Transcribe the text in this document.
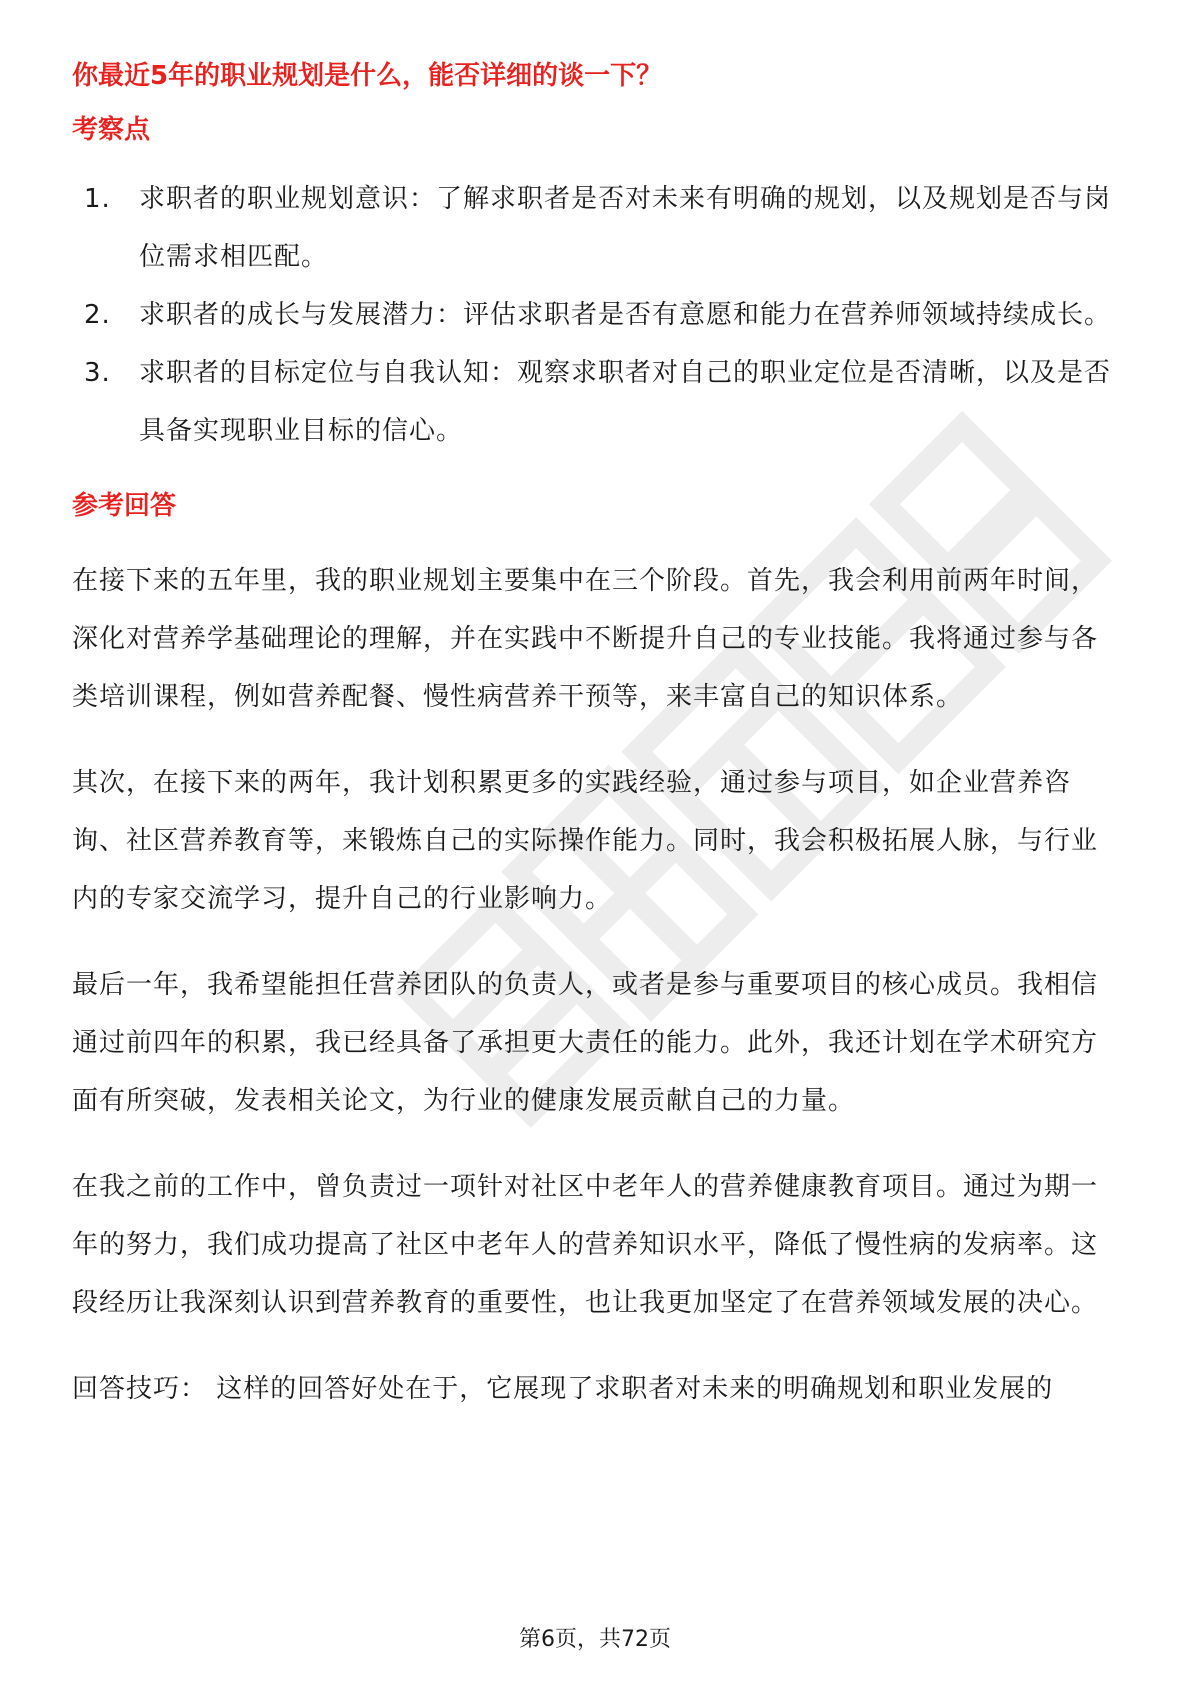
你最近5年的职业规划是什么，能否详细的谈一下？
考察点
1.	求职者的职业规划意识：了解求职者是否对未来有明确的规划，以及规划是否与岗位需求相匹配。
2.	求职者的成长与发展潜力：评估求职者是否有意愿和能力在营养师领域持续成长。
3.	求职者的目标定位与自我认知：观察求职者对自己的职业定位是否清晰，以及是否具备实现职业目标的信心。
参考回答

在接下来的五年里，我的职业规划主要集中在三个阶段。首先，我会利用前两年时间，深化对营养学基础理论的理解，并在实践中不断提升自己的专业技能。我将通过参与各类培训课程，例如营养配餐、慢性病营养干预等，来丰富自己的知识体系。

其次，在接下来的两年，我计划积累更多的实践经验，通过参与项目，如企业营养咨询、社区营养教育等，来锻炼自己的实际操作能力。同时，我会积极拓展人脉，与行业内的专家交流学习，提升自己的行业影响力。

最后一年，我希望能担任营养团队的负责人，或者是参与重要项目的核心成员。我相信通过前四年的积累，我已经具备了承担更大责任的能力。此外，我还计划在学术研究方面有所突破，发表相关论文，为行业的健康发展贡献自己的力量。

在我之前的工作中，曾负责过一项针对社区中老年人的营养健康教育项目。通过为期一年的努力，我们成功提高了社区中老年人的营养知识水平，降低了慢性病的发病率。这段经历让我深刻认识到营养教育的重要性，也让我更加坚定了在营养领域发展的决心。

回答技巧： 这样的回答好处在于，它展现了求职者对未来的明确规划和职业发展的

第6页，共72页
